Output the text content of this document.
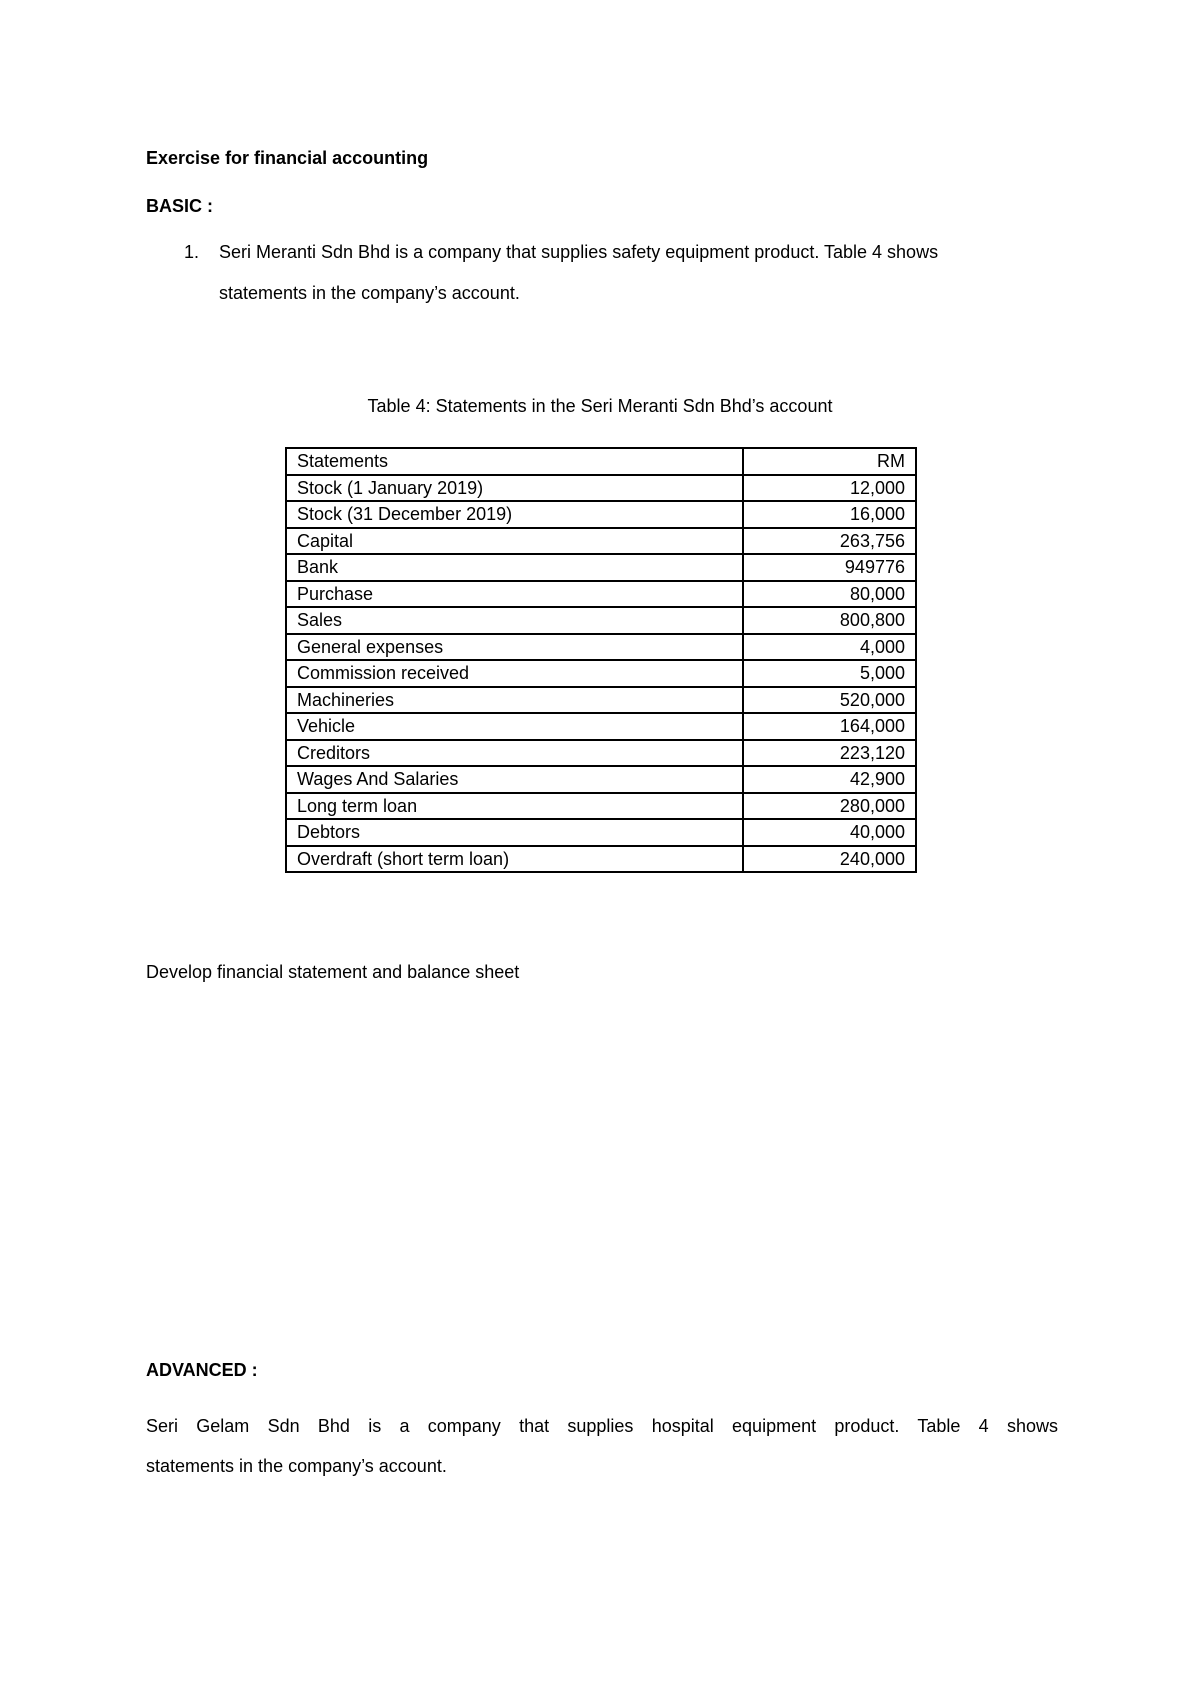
Exercise for financial accounting
BASIC :
1. Seri Meranti Sdn Bhd is a company that supplies safety equipment product. Table 4 shows
statements in the company’s account.
Table 4: Statements in the Seri Meranti Sdn Bhd’s account
Statements	RM
Stock (1 January 2019)	12,000
Stock (31 December 2019)	16,000
Capital	263,756
Bank	949776
Purchase	80,000
Sales	800,800
General expenses	4,000
Commission received	5,000
Machineries	520,000
Vehicle	164,000
Creditors	223,120
Wages And Salaries	42,900
Long term loan	280,000
Debtors	40,000
Overdraft (short term loan)	240,000
Develop financial statement and balance sheet
ADVANCED :
Seri Gelam Sdn Bhd is a company that supplies hospital equipment product. Table 4 shows
statements in the company’s account.
